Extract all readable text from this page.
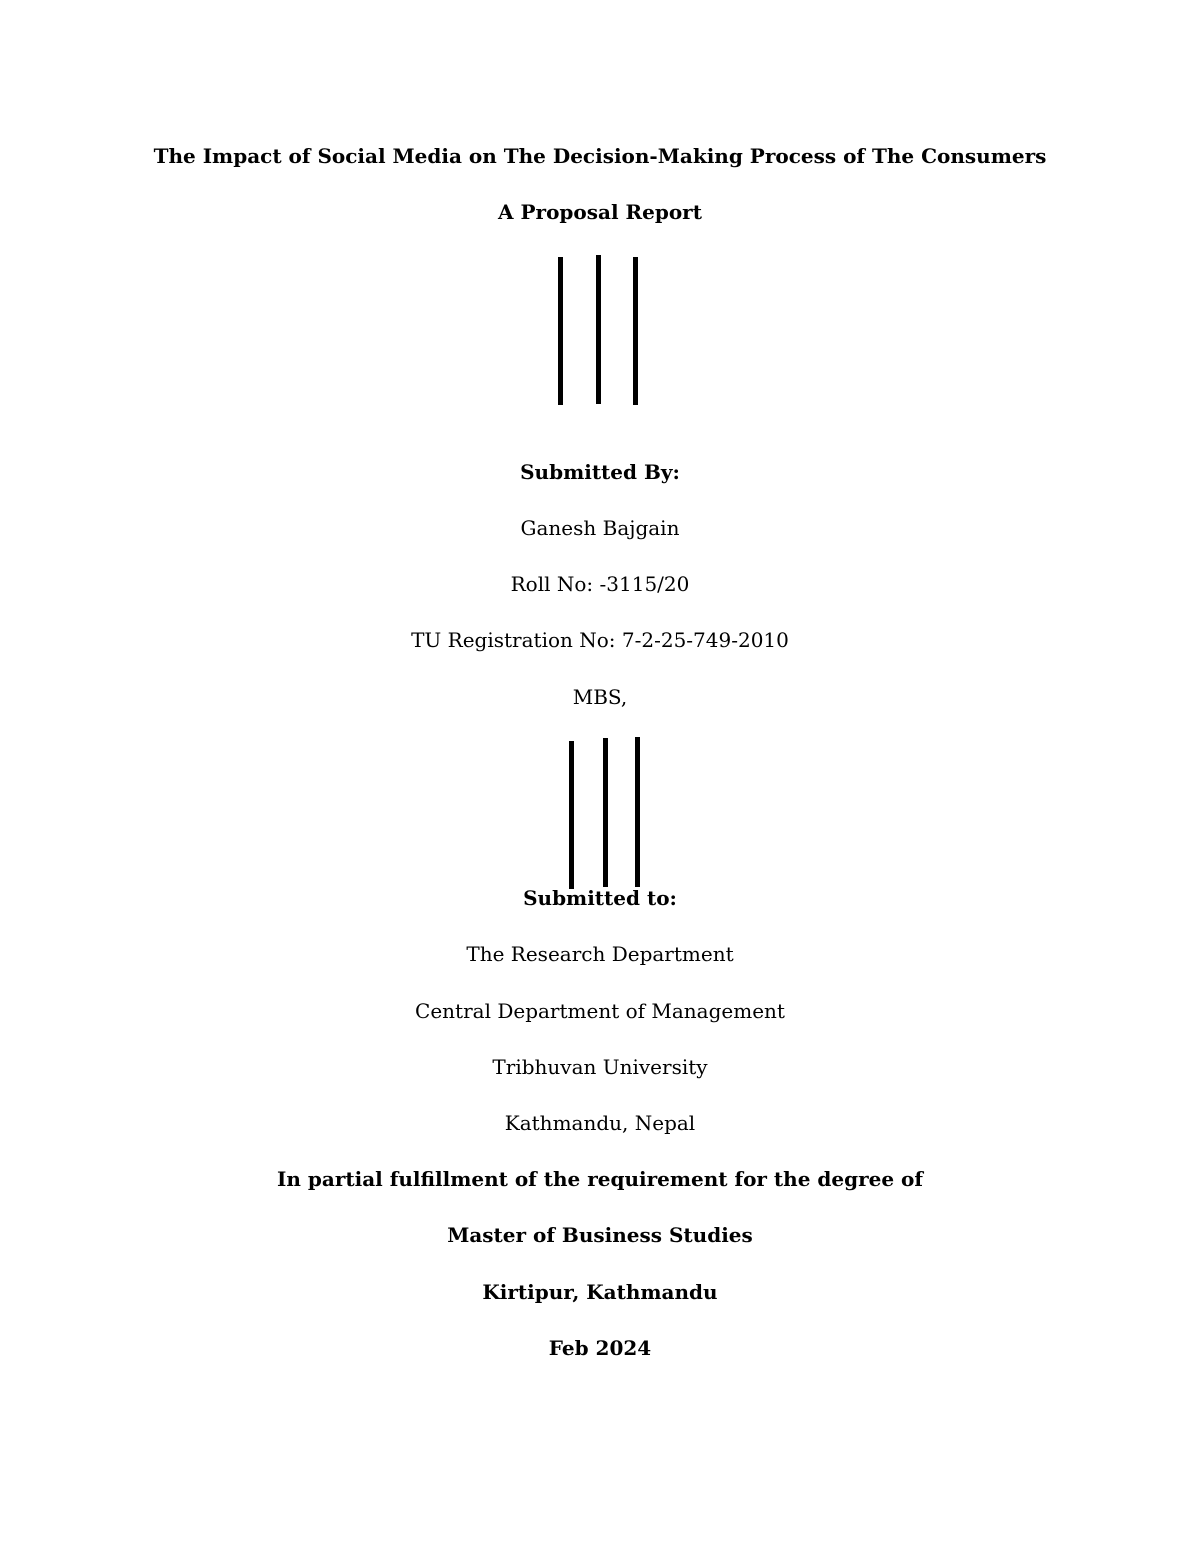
The Impact of Social Media on The Decision-Making Process of The Consumers
A Proposal Report
Submitted By:
Ganesh Bajgain
Roll No: -3115/20
TU Registration No: 7-2-25-749-2010
MBS,
Submitted to:
The Research Department
Central Department of Management
Tribhuvan University
Kathmandu, Nepal
In partial fulfillment of the requirement for the degree of
Master of Business Studies
Kirtipur, Kathmandu
Feb 2024
